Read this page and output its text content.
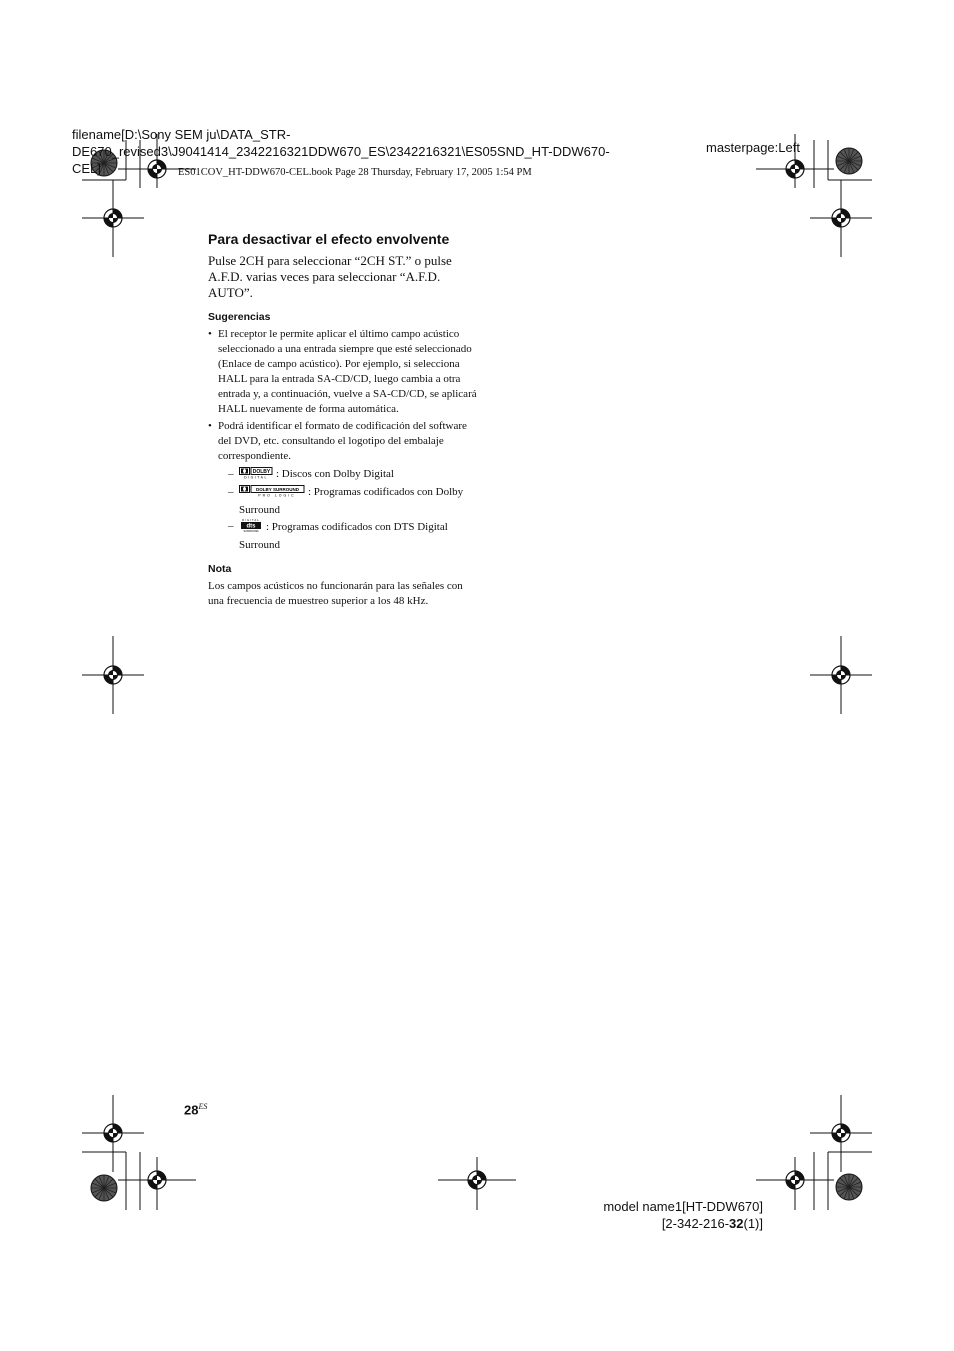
filename[D:\Sony SEM ju\DATA_STR-DE670_revised3\J9041414_2342216321DDW670_ES\2342216321\ES05SND_HT-DDW670-CEL]
masterpage:Left
ES01COV_HT-DDW670-CEL.book Page 28 Thursday, February 17, 2005 1:54 PM
Para desactivar el efecto envolvente

Pulse 2CH para seleccionar “2CH ST.” o pulse A.F.D. varias veces para seleccionar “A.F.D. AUTO”.

Sugerencias
• El receptor le permite aplicar el último campo acústico seleccionado a una entrada siempre que esté seleccionado (Enlace de campo acústico). Por ejemplo, si selecciona HALL para la entrada SA-CD/CD, luego cambia a otra entrada y, a continuación, vuelve a SA-CD/CD, se aplicará HALL nuevamente de forma automática.
• Podrá identificar el formato de codificación del software del DVD, etc. consultando el logotipo del embalaje correspondiente.
– DOLBY
DIGITAL : Discos con Dolby Digital
– DOLBY SURROUND
PRO LOGIC : Programas codificados con Dolby Surround
– DIGITAL
dts
SURROUND : Programas codificados con DTS Digital Surround
Nota

Los campos acústicos no funcionarán para las señales con una frecuencia de muestreo superior a los 48 kHz.

$28^{ES}$
model name1[HT-DDW670]
[2-342-216-32(1)]
